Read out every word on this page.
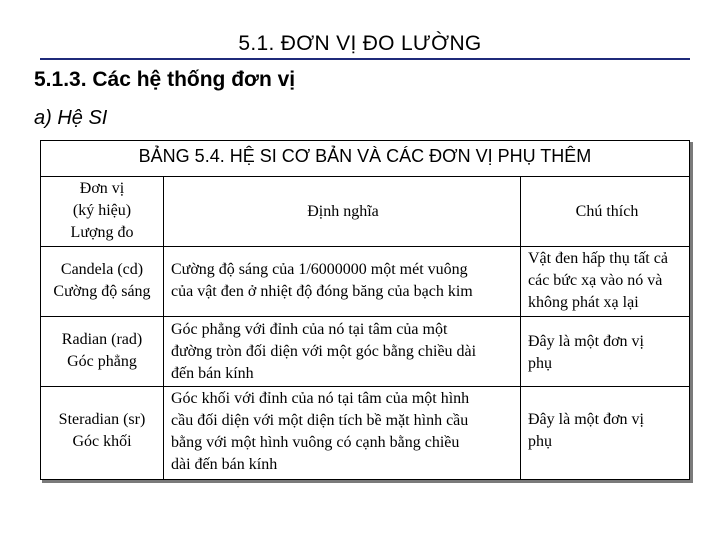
5.1. ĐƠN VỊ ĐO LƯỜNG
5.1.3. Các hệ thống đơn vị
a) Hệ SI
BẢNG 5.4. HỆ SI CƠ BẢN VÀ CÁC ĐƠN VỊ PHỤ THÊM
Đơn vị
(ký hiệu)
Lượng đo
Định nghĩa	Chú thích
Candela (cd)
Cường độ sáng
Cường độ sáng của 1/6000000 một mét vuông
của vật đen ở nhiệt độ đóng băng của bạch kim
Vật đen hấp thụ tất cả
các bức xạ vào nó và
không phát xạ lại
Radian (rad)
Góc phẳng
Góc phẳng với đỉnh của nó tại tâm của một
đường tròn đối diện với một góc bằng chiều dài
đến bán kính
Đây là một đơn vị
phụ
Steradian (sr)
Góc khối
Góc khối với đỉnh của nó tại tâm của một hình
cầu đối diện với một diện tích bề mặt hình cầu
bằng với một hình vuông có cạnh bằng chiều
dài đến bán kính
Đây là một đơn vị
phụ
